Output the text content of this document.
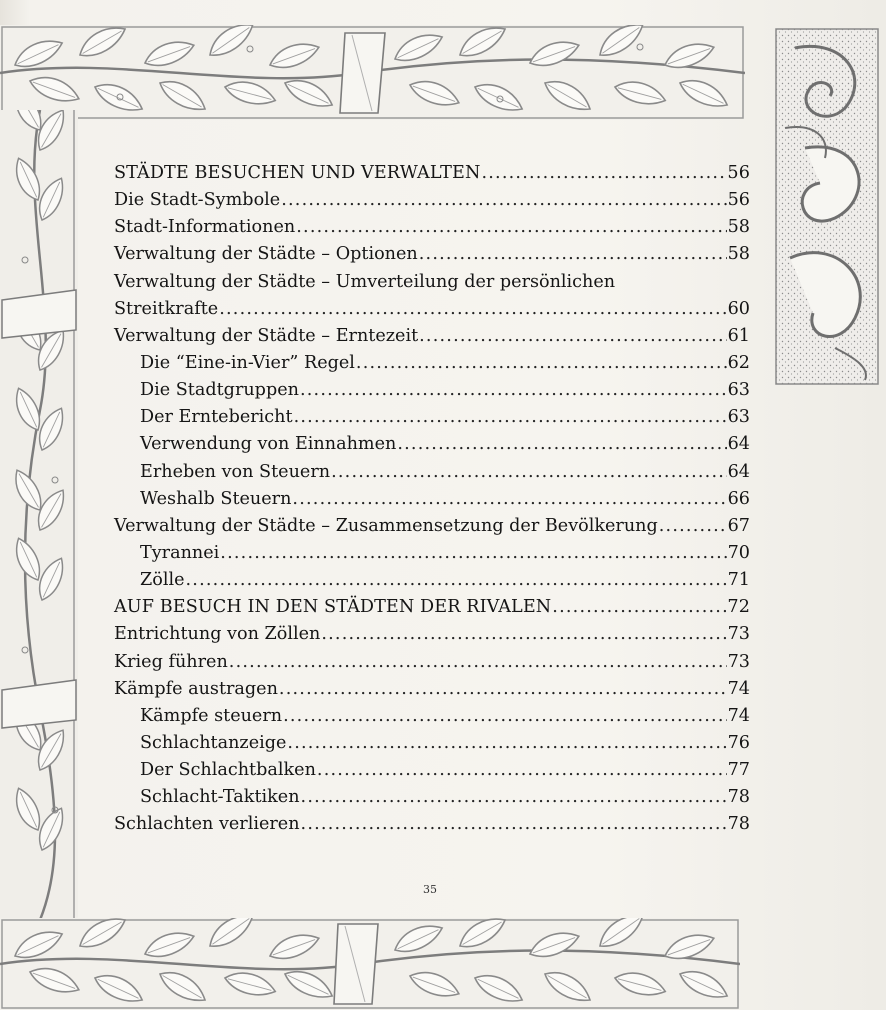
STÄDTE BESUCHEN UND VERWALTEN .....	56
Die Stadt-Symbole .....	56
Stadt-Informationen .....	58
Verwaltung der Städte – Optionen .....	58
Verwaltung der Städte – Umverteilung der persönlichen
Streitkrafte .....	60
Verwaltung der Städte – Erntezeit .....	61
Die “Eine-in-Vier” Regel .....	62
Die Stadtgruppen .....	63
Der Erntebericht .....	63
Verwendung von Einnahmen .....	64
Erheben von Steuern .....	64
Weshalb Steuern .....	66
Verwaltung der Städte – Zusammensetzung der Bevölkerung .....	67
Tyrannei .....	70
Zölle .....	71
AUF BESUCH IN DEN STÄDTEN DER RIVALEN .....	72
Entrichtung von Zöllen .....	73
Krieg führen .....	73
Kämpfe austragen .....	74
Kämpfe steuern .....	74
Schlachtanzeige .....	76
Der Schlachtbalken .....	77
Schlacht-Taktiken .....	78
Schlachten verlieren .....	78
35
